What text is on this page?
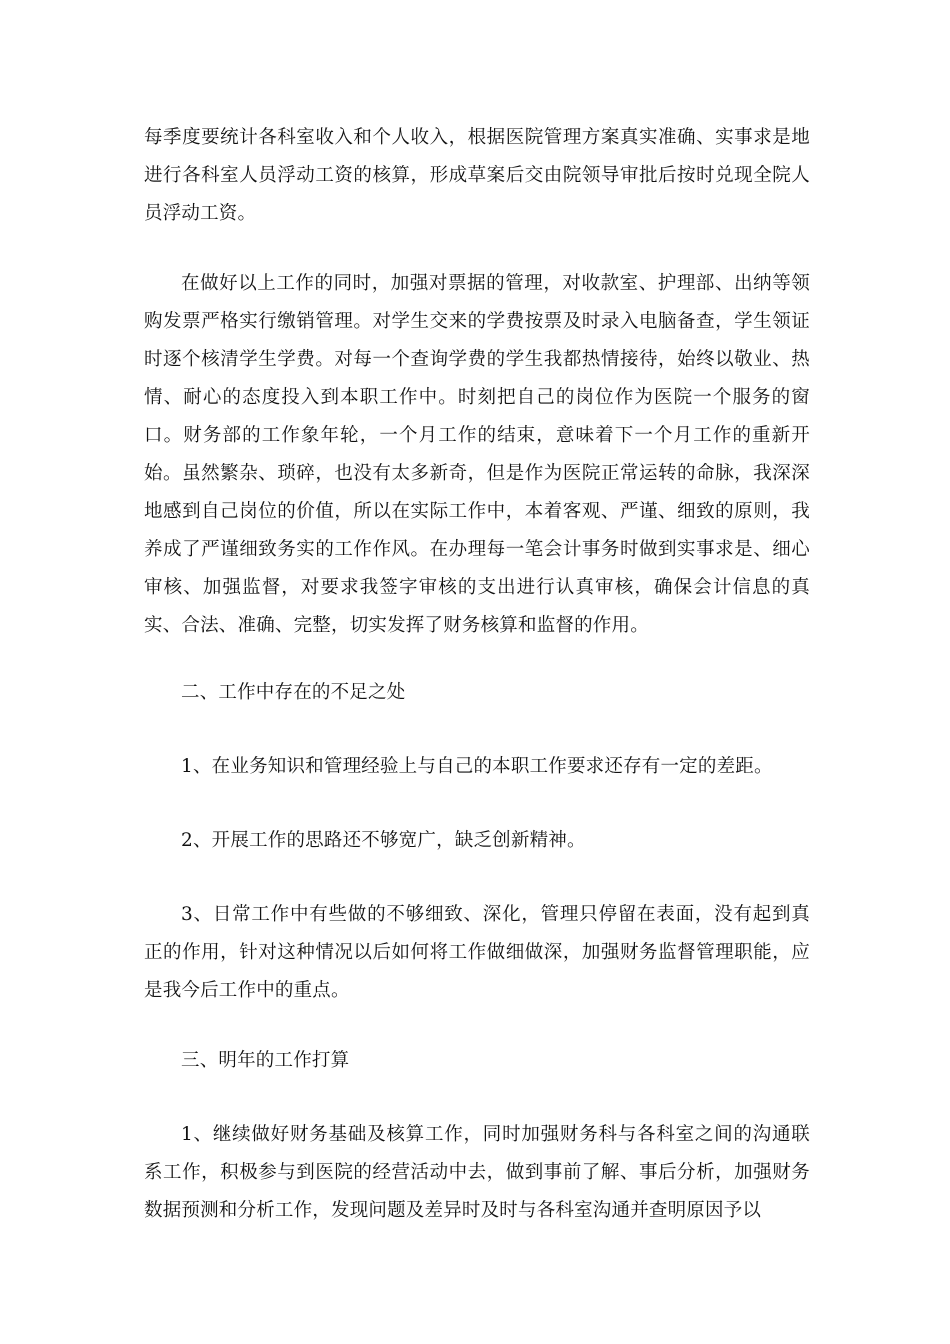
每季度要统计各科室收入和个人收入，根据医院管理方案真实准确、实事求是地进行各科室人员浮动工资的核算，形成草案后交由院领导审批后按时兑现全院人员浮动工资。

在做好以上工作的同时，加强对票据的管理，对收款室、护理部、出纳等领购发票严格实行缴销管理。对学生交来的学费按票及时录入电脑备查，学生领证时逐个核清学生学费。对每一个查询学费的学生我都热情接待，始终以敬业、热情、耐心的态度投入到本职工作中。时刻把自己的岗位作为医院一个服务的窗口。财务部的工作象年轮，一个月工作的结束，意味着下一个月工作的重新开始。虽然繁杂、琐碎，也没有太多新奇，但是作为医院正常运转的命脉，我深深地感到自己岗位的价值，所以在实际工作中，本着客观、严谨、细致的原则，我养成了严谨细致务实的工作作风。在办理每一笔会计事务时做到实事求是、细心审核、加强监督，对要求我签字审核的支出进行认真审核，确保会计信息的真实、合法、准确、完整，切实发挥了财务核算和监督的作用。

二、工作中存在的不足之处

1、在业务知识和管理经验上与自己的本职工作要求还存有一定的差距。

2、开展工作的思路还不够宽广，缺乏创新精神。

3、日常工作中有些做的不够细致、深化，管理只停留在表面，没有起到真正的作用，针对这种情况以后如何将工作做细做深，加强财务监督管理职能，应是我今后工作中的重点。

三、明年的工作打算

1、继续做好财务基础及核算工作，同时加强财务科与各科室之间的沟通联系工作，积极参与到医院的经营活动中去，做到事前了解、事后分析，加强财务数据预测和分析工作，发现问题及差异时及时与各科室沟通并查明原因予以
